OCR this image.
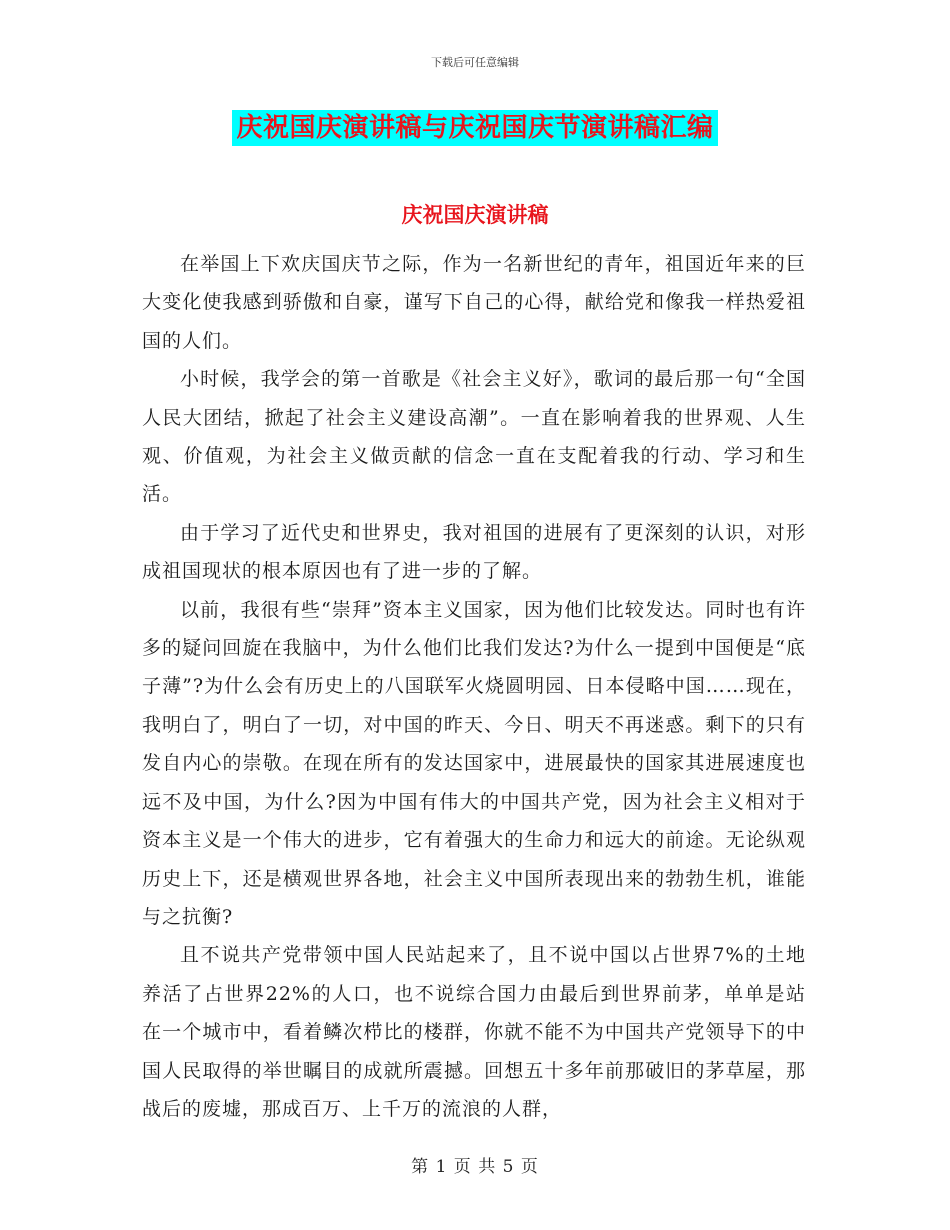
下载后可任意编辑
庆祝国庆演讲稿与庆祝国庆节演讲稿汇编
庆祝国庆演讲稿

在举国上下欢庆国庆节之际，作为一名新世纪的青年，祖国近年来的巨大变化使我感到骄傲和自豪，谨写下自己的心得，献给党和像我一样热爱祖国的人们。

小时候，我学会的第一首歌是《社会主义好》，歌词的最后那一句“全国人民大团结，掀起了社会主义建设高潮”。一直在影响着我的世界观、人生观、价值观，为社会主义做贡献的信念一直在支配着我的行动、学习和生活。

由于学习了近代史和世界史，我对祖国的进展有了更深刻的认识，对形成祖国现状的根本原因也有了进一步的了解。

以前，我很有些“崇拜”资本主义国家，因为他们比较发达。同时也有许多的疑问回旋在我脑中，为什么他们比我们发达?为什么一提到中国便是“底子薄”?为什么会有历史上的八国联军火烧圆明园、日本侵略中国……现在，我明白了，明白了一切，对中国的昨天、今日、明天不再迷惑。剩下的只有发自内心的崇敬。在现在所有的发达国家中，进展最快的国家其进展速度也远不及中国，为什么?因为中国有伟大的中国共产党，因为社会主义相对于资本主义是一个伟大的进步，它有着强大的生命力和远大的前途。无论纵观历史上下，还是横观世界各地，社会主义中国所表现出来的勃勃生机，谁能与之抗衡?

且不说共产党带领中国人民站起来了，且不说中国以占世界7%的土地养活了占世界22%的人口，也不说综合国力由最后到世界前茅，单单是站在一个城市中，看着鳞次栉比的楼群，你就不能不为中国共产党领导下的中国人民取得的举世瞩目的成就所震撼。回想五十多年前那破旧的茅草屋，那战后的废墟，那成百万、上千万的流浪的人群，

第 1 页 共 5 页
